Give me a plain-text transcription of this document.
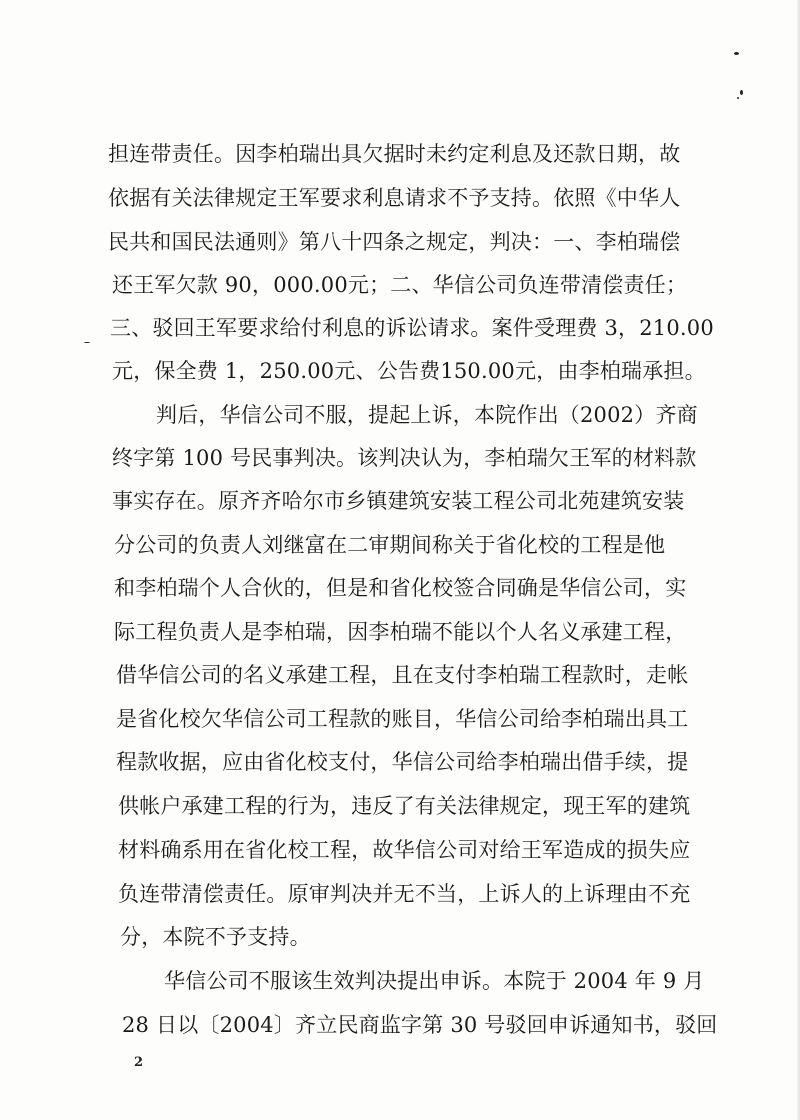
担连带责任。因李柏瑞出具欠据时未约定利息及还款日期，故
依据有关法律规定王军要求利息请求不予支持。依照《中华人
民共和国民法通则》第八十四条之规定，判决：一、李柏瑞偿
还王军欠款 90，000.00元；二、华信公司负连带清偿责任；
三、驳回王军要求给付利息的诉讼请求。案件受理费 3，210.00
元，保全费 1，250.00元、公告费150.00元，由李柏瑞承担。
判后，华信公司不服，提起上诉，本院作出（2002）齐商
终字第 100 号民事判决。该判决认为，李柏瑞欠王军的材料款
事实存在。原齐齐哈尔市乡镇建筑安装工程公司北苑建筑安装
分公司的负责人刘继富在二审期间称关于省化校的工程是他
和李柏瑞个人合伙的，但是和省化校签合同确是华信公司，实
际工程负责人是李柏瑞，因李柏瑞不能以个人名义承建工程，
借华信公司的名义承建工程，且在支付李柏瑞工程款时，走帐
是省化校欠华信公司工程款的账目，华信公司给李柏瑞出具工
程款收据，应由省化校支付，华信公司给李柏瑞出借手续，提
供帐户承建工程的行为，违反了有关法律规定，现王军的建筑
材料确系用在省化校工程，故华信公司对给王军造成的损失应
负连带清偿责任。原审判决并无不当，上诉人的上诉理由不充
分，本院不予支持。
华信公司不服该生效判决提出申诉。本院于 2004 年 9 月
28 日以〔2004〕齐立民商监字第 30 号驳回申诉通知书，驳回
2
